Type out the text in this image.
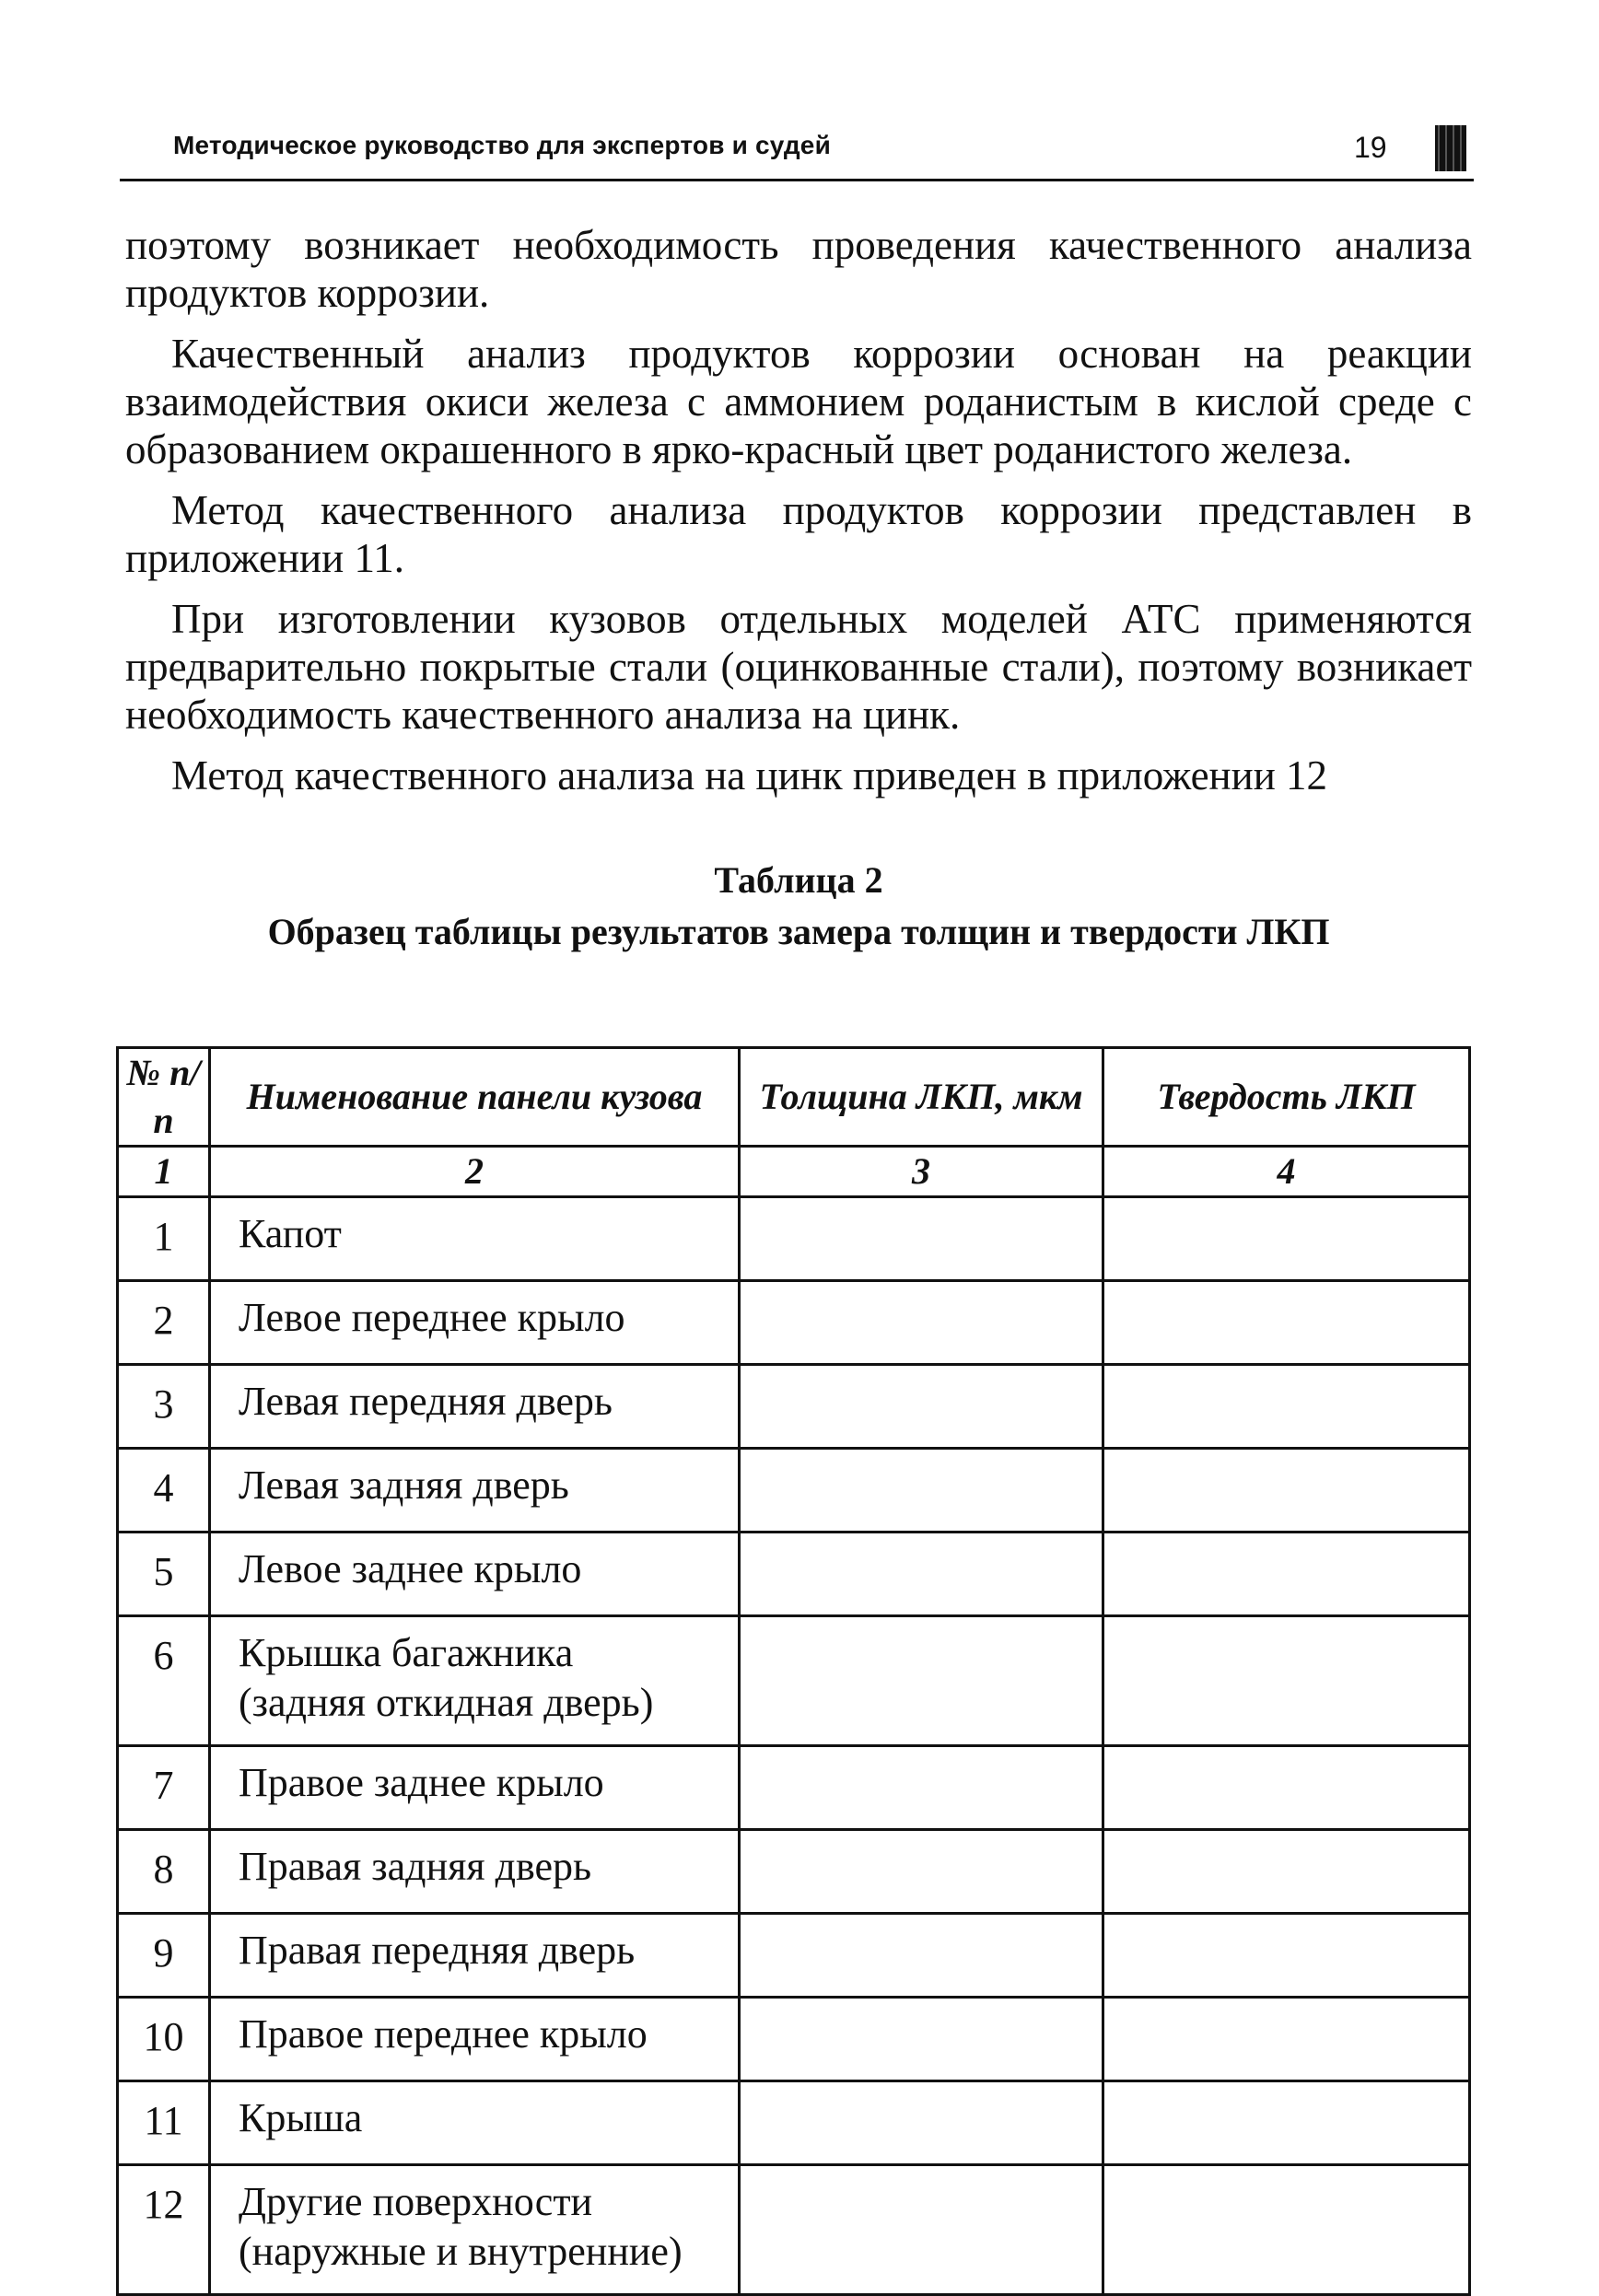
Методическое руководство для экспертов и судей	19

поэтому возникает необходимость проведения качественного анализа продуктов коррозии.

Качественный анализ продуктов коррозии основан на реакции взаимодействия окиси железа с аммонием роданистым в кислой среде с образованием окрашенного в ярко-красный цвет роданистого железа.

Метод качественного анализа продуктов коррозии представлен в приложении 11.

При изготовлении кузовов отдельных моделей АТС применяются предварительно покрытые стали (оцинкованные стали), поэтому возникает необходимость качественного анализа на цинк.

Метод качественного анализа на цинк приведен в приложении 12

Таблица 2
Образец таблицы результатов замера толщин и твердости ЛКП
№ п/п	Нименование панели кузова	Толщина ЛКП, мкм	Твердость ЛКП
1	2	3	4
1	Капот		

2	Левое переднее крыло		

3	Левая передняя дверь		

4	Левая задняя дверь		

5	Левое заднее крыло		

6	Крышка багажника
(задняя откидная дверь)		

7	Правое заднее крыло		

8	Правая задняя дверь		

9	Правая передняя дверь		

10	Правое переднее крыло		

11	Крыша		

12	Другие поверхности
(наружные и внутренние)		
